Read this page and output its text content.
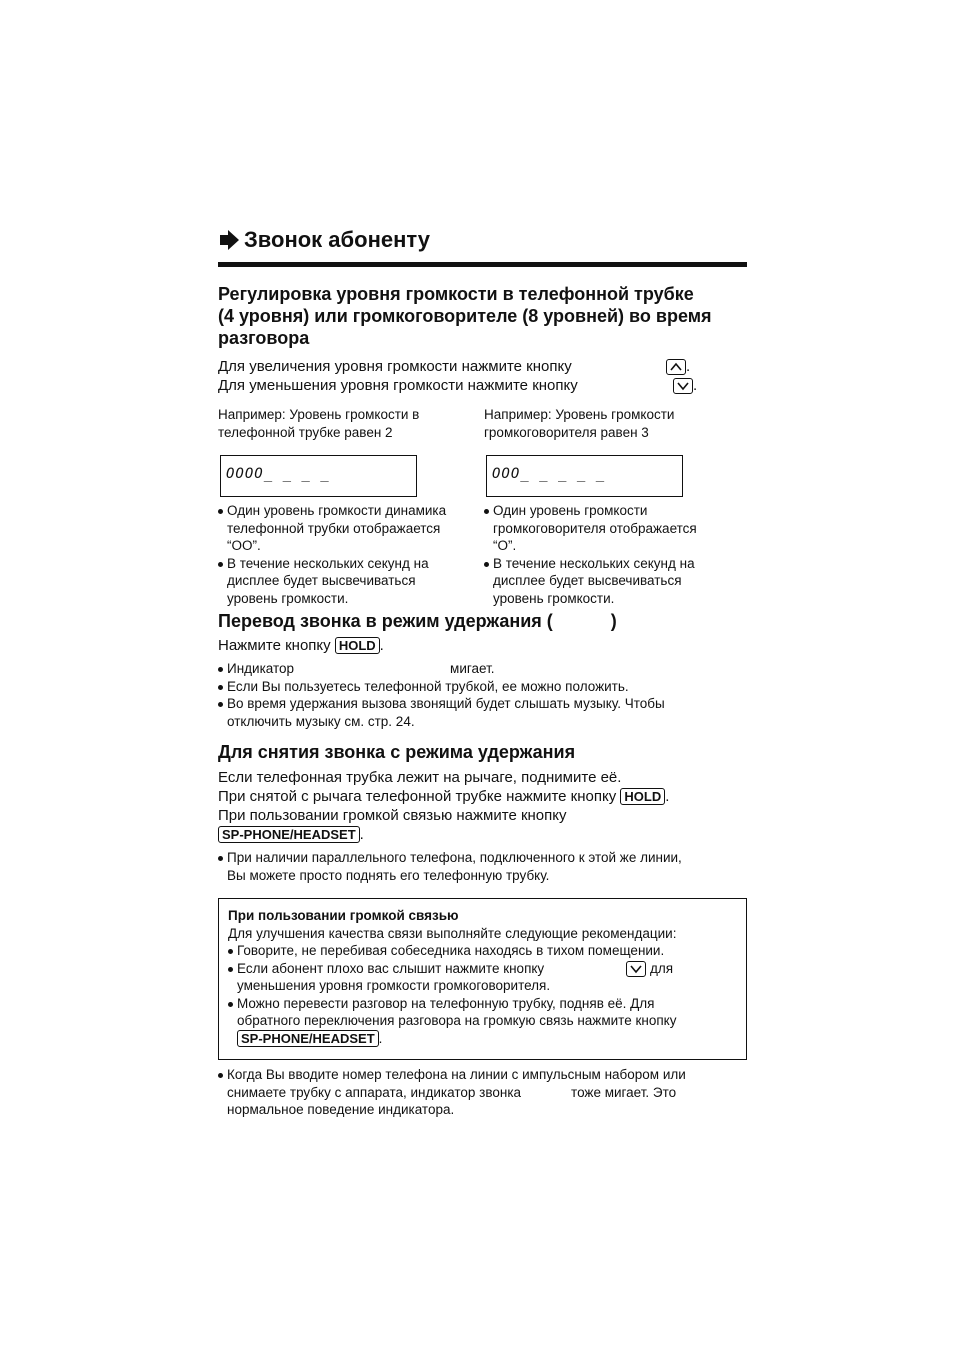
Звонок абоненту
Регулировка уровня громкости в телефонной трубке
(4 уровня) или громкоговорителе (8 уровней) во время
разговора
Для увеличения уровня громкости нажмите кнопку	.
Для уменьшения уровня громкости нажмите кнопку	.
Например: Уровень громкости в
телефонной трубке равен 2
Например: Уровень громкости
громкоговорителя равен 3
OOOO_ _ _ _	OOO_ _ _ _ _
Один уровень громкости динамика
телефонной трубки отображается
“OO”.
В течение нескольких секунд на
дисплее будет высвечиваться
уровень громкости.
Один уровень громкости
громкоговорителя отображается
“O”.
В течение нескольких секунд на
дисплее будет высвечиваться
уровень громкости.
Перевод звонка в режим удержания (	)
Нажмите кнопку HOLD .
Индикатор	мигает.
Если Вы пользуетесь телефонной трубкой, ее можно положить.
Во время удержания вызова звонящий будет слышать музыку. Чтобы
отключить музыку см. стр. 24.
Для снятия звонка с режима удержания
Если телефонная трубка лежит на рычаге, поднимите её.
При снятой с рычага телефонной трубке нажмите кнопку HOLD .
При пользовании громкой связью нажмите кнопку
SP-PHONE/HEADSET .
При наличии параллельного телефона, подключенного к этой же линии,
Вы можете просто поднять его телефонную трубку.
При пользовании громкой связью
Для улучшения качества связи выполняйте следующие рекомендации:
Говорите, не перебивая собеседника находясь в тихом помещении.
Если абонент плохо вас слышит нажмите кнопку	для
уменьшения уровня громкости громкоговорителя.
Можно перевести разговор на телефонную трубку, подняв её. Для
обратного переключения разговора на громкую связь нажмите кнопку
SP-PHONE/HEADSET .
Когда Вы вводите номер телефона на линии с импульсным набором или
снимаете трубку с аппарата, индикатор звонка	тоже мигает. Это
нормальное поведение индикатора.
